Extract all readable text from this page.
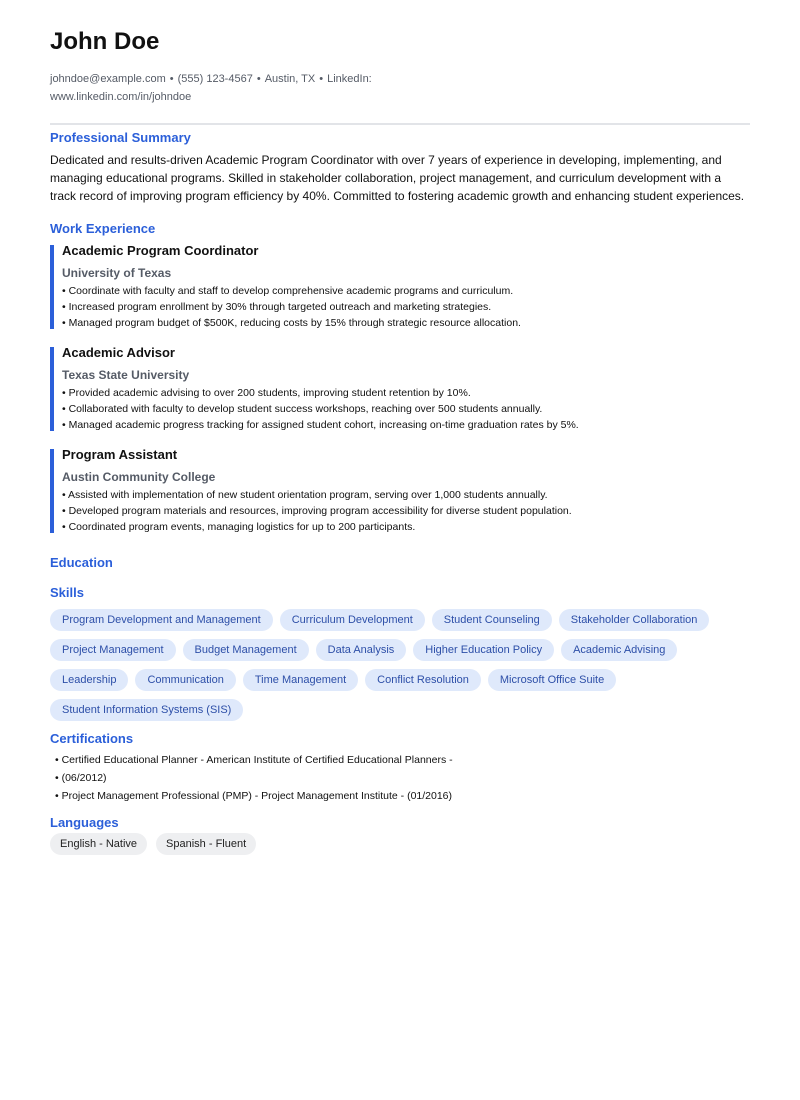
John Doe
johndoe@example.com • (555) 123-4567 • Austin, TX • LinkedIn: www.linkedin.com/in/johndoe
Professional Summary
Dedicated and results-driven Academic Program Coordinator with over 7 years of experience in developing, implementing, and managing educational programs. Skilled in stakeholder collaboration, project management, and curriculum development with a track record of improving program efficiency by 40%. Committed to fostering academic growth and enhancing student experiences.
Work Experience
Academic Program Coordinator
University of Texas
• Coordinate with faculty and staff to develop comprehensive academic programs and curriculum.
• Increased program enrollment by 30% through targeted outreach and marketing strategies.
• Managed program budget of $500K, reducing costs by 15% through strategic resource allocation.
Academic Advisor
Texas State University
• Provided academic advising to over 200 students, improving student retention by 10%.
• Collaborated with faculty to develop student success workshops, reaching over 500 students annually.
• Managed academic progress tracking for assigned student cohort, increasing on-time graduation rates by 5%.
Program Assistant
Austin Community College
• Assisted with implementation of new student orientation program, serving over 1,000 students annually.
• Developed program materials and resources, improving program accessibility for diverse student population.
• Coordinated program events, managing logistics for up to 200 participants.
Education
Skills
Program Development and Management	Curriculum Development	Student Counseling	Stakeholder Collaboration
Project Management	Budget Management	Data Analysis	Higher Education Policy	Academic Advising
Leadership	Communication	Time Management	Conflict Resolution	Microsoft Office Suite
Student Information Systems (SIS)
Certifications
• Certified Educational Planner - American Institute of Certified Educational Planners -
• (06/2012)
• Project Management Professional (PMP) - Project Management Institute - (01/2016)
Languages
English - Native	Spanish - Fluent
